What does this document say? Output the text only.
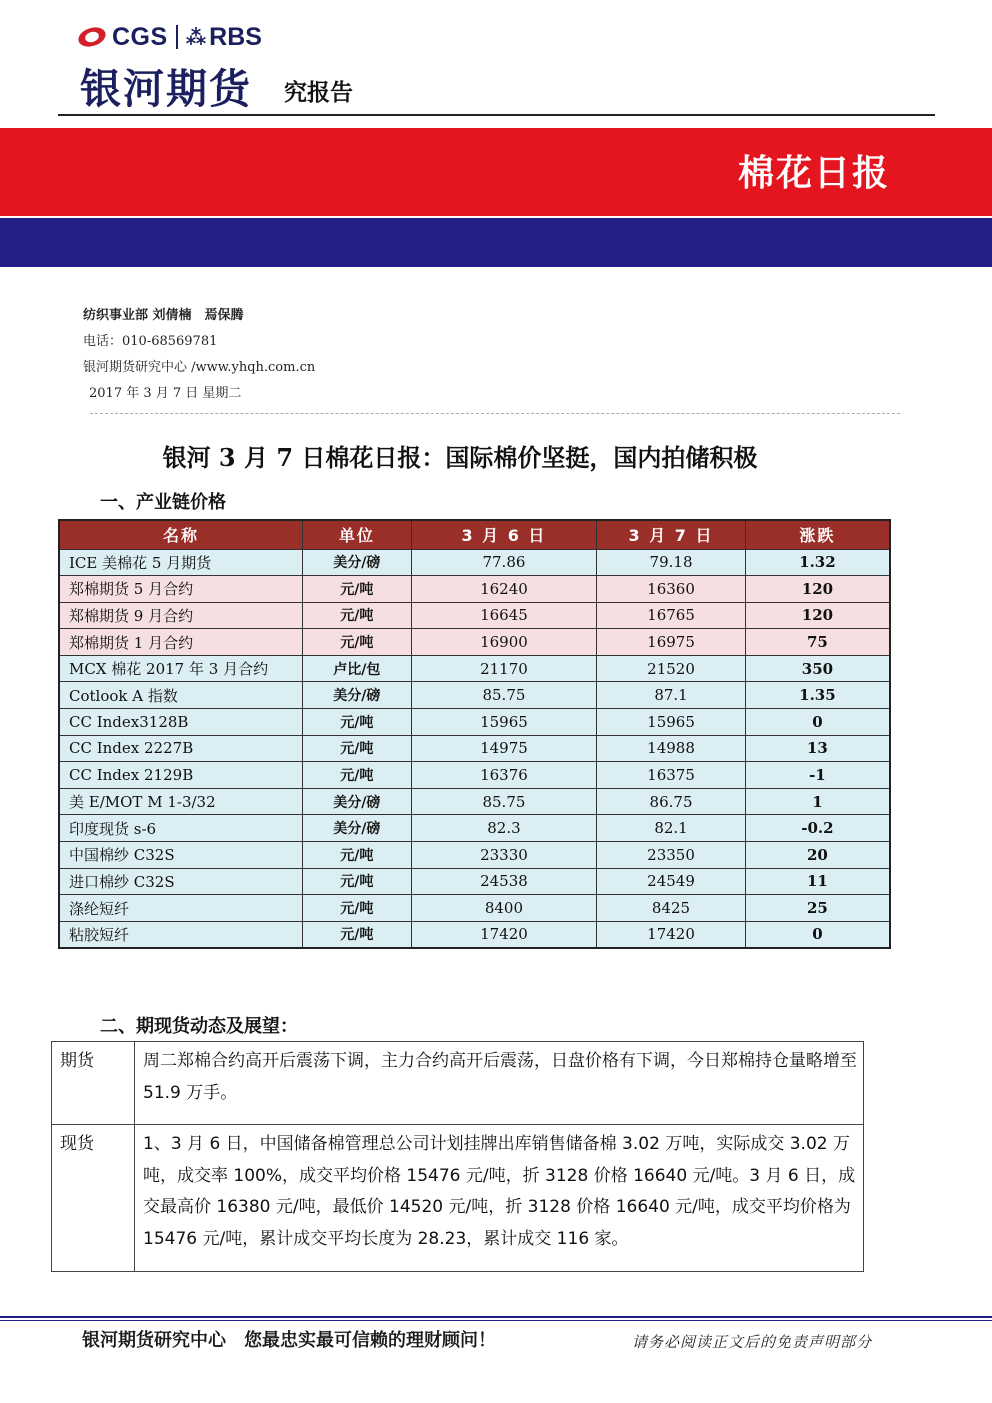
CGS ⁂ RBS
银河期货 究报告
棉花日报
纺织事业部 刘倩楠　焉保腾
电话：010-68569781
银河期货研究中心 /www.yhqh.com.cn
2017 年 3 月 7 日 星期二
银河 3 月 7 日棉花日报：国际棉价坚挺，国内拍储积极
一、产业链价格
名称	单位	3 月 6 日	3 月 7 日	涨跌
ICE 美棉花 5 月期货	美分/磅	77.86	79.18	1.32
郑棉期货 5 月合约	元/吨	16240	16360	120
郑棉期货 9 月合约	元/吨	16645	16765	120
郑棉期货 1 月合约	元/吨	16900	16975	75
MCX 棉花 2017 年 3 月合约	卢比/包	21170	21520	350
Cotlook A 指数	美分/磅	85.75	87.1	1.35
CC Index3128B	元/吨	15965	15965	0
CC Index 2227B	元/吨	14975	14988	13
CC Index 2129B	元/吨	16376	16375	-1
美 E/MOT M 1-3/32	美分/磅	85.75	86.75	1
印度现货 s-6	美分/磅	82.3	82.1	-0.2
中国棉纱 C32S	元/吨	23330	23350	20
进口棉纱 C32S	元/吨	24538	24549	11
涤纶短纤	元/吨	8400	8425	25
粘胶短纤	元/吨	17420	17420	0
二、期现货动态及展望：
期货	周二郑棉合约高开后震荡下调，主力合约高开后震荡，日盘价格有下调，今日郑棉持仓量略增至 51.9 万手。
现货	1、3 月 6 日，中国储备棉管理总公司计划挂牌出库销售储备棉 3.02 万吨，实际成交 3.02 万吨，成交率 100%，成交平均价格 15476 元/吨，折 3128 价格 16640 元/吨。3 月 6 日，成交最高价 16380 元/吨，最低价 14520 元/吨，折 3128 价格 16640 元/吨，成交平均价格为 15476 元/吨，累计成交平均长度为 28.23，累计成交 116 家。
银河期货研究中心　您最忠实最可信赖的理财顾问！	请务必阅读正文后的免责声明部分
